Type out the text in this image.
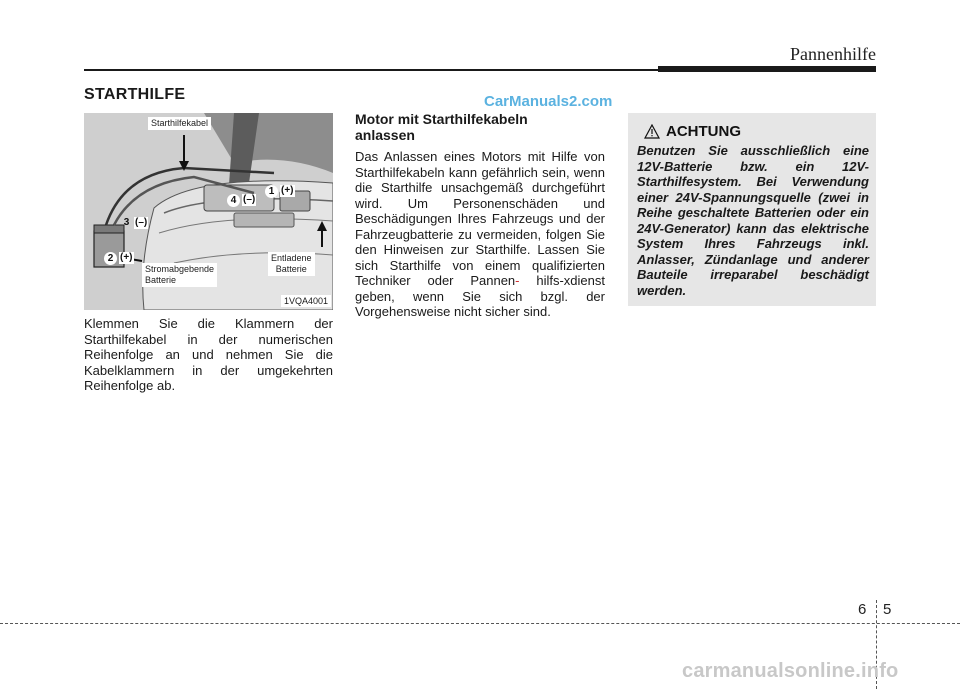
Pannenhilfe
STARTHILFE	CarManuals2.com
Starthilfekabel
Stromabgebende
Batterie
Entladene
Batterie
1 (+)
2 (+)
3 (–)
4 (–)
1VQA4001
Klemmen Sie die Klammern der Starthilfekabel in der numerischen Reihenfolge an und nehmen Sie die Kabelklammern in der umgekehrten Reihenfolge ab.
Motor mit Starthilfekabeln
anlassen
Das Anlassen eines Motors mit Hilfe von Starthilfekabeln kann gefährlich sein, wenn die Starthilfe unsachgemäß durchgeführt wird. Um Personenschäden und Beschädigungen Ihres Fahrzeugs und der Fahrzeugbatterie zu vermeiden, folgen Sie den Hinweisen zur Starthilfe. Lassen Sie sich Starthilfe von einem qualifizierten Techniker oder Pannen- hilfs-xdienst geben, wenn Sie sich bzgl. der Vorgehensweise nicht sicher sind.
ACHTUNG
Benutzen Sie ausschließlich eine 12V-Batterie bzw. ein 12V-Starthilfesystem. Bei Verwendung einer 24V-Spannungsquelle (zwei in Reihe geschaltete Batterien oder ein 24V-Generator) kann das elektrische System Ihres Fahrzeugs inkl. Anlasser, Zündanlage und anderer Bauteile irreparabel beschädigt werden.
6 5
carmanualsonline.info
